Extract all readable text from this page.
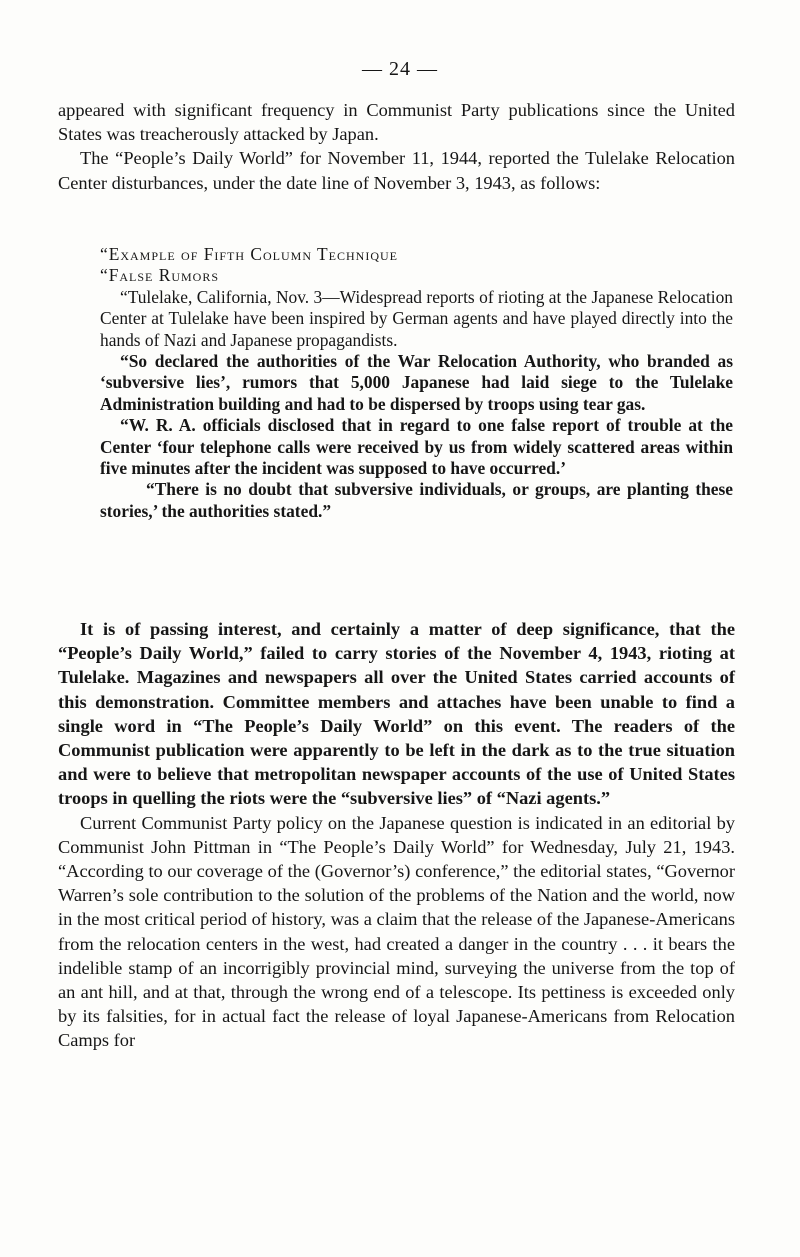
— 24 —

appeared with significant frequency in Communist Party publications since the United States was treacherously attacked by Japan.

The “People’s Daily World” for November 11, 1944, reported the Tulelake Relocation Center disturbances, under the date line of November 3, 1943, as follows:

“Example of Fifth Column Technique

“False Rumors

“Tulelake, California, Nov. 3—Widespread reports of rioting at the Japanese Relocation Center at Tulelake have been inspired by German agents and have played directly into the hands of Nazi and Japanese propagandists.

“So declared the authorities of the War Relocation Authority, who branded as ‘subversive lies’, rumors that 5,000 Japanese had laid siege to the Tulelake Administration building and had to be dispersed by troops using tear gas.

“W. R. A. officials disclosed that in regard to one false report of trouble at the Center ‘four telephone calls were received by us from widely scattered areas within five minutes after the incident was supposed to have occurred.’

“There is no doubt that subversive individuals, or groups, are planting these stories,’ the authorities stated.”

It is of passing interest, and certainly a matter of deep significance, that the “People’s Daily World,” failed to carry stories of the November 4, 1943, rioting at Tulelake. Magazines and newspapers all over the United States carried accounts of this demonstration. Committee members and attaches have been unable to find a single word in “The People’s Daily World” on this event. The readers of the Communist publication were apparently to be left in the dark as to the true situation and were to believe that metropolitan newspaper accounts of the use of United States troops in quelling the riots were the “subversive lies” of “Nazi agents.”

Current Communist Party policy on the Japanese question is indicated in an editorial by Communist John Pittman in “The People’s Daily World” for Wednesday, July 21, 1943. “According to our coverage of the (Governor’s) conference,” the editorial states, “Governor Warren’s sole contribution to the solution of the problems of the Nation and the world, now in the most critical period of history, was a claim that the release of the Japanese-Americans from the relocation centers in the west, had created a danger in the country . . . it bears the indelible stamp of an incorrigibly provincial mind, surveying the universe from the top of an ant hill, and at that, through the wrong end of a telescope. Its pettiness is exceeded only by its falsities, for in actual fact the release of loyal Japanese-Americans from Relocation Camps for
